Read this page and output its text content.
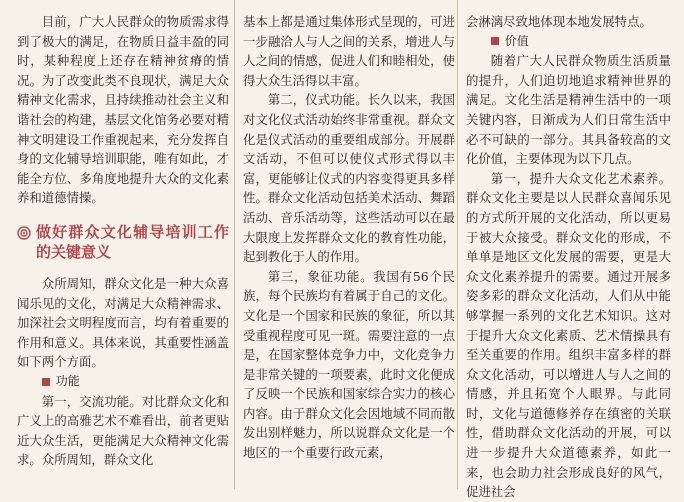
目前，广大人民群众的物质需求得到了极大的满足，在物质日益丰盈的同时，某种程度上还存在精神贫瘠的情况。为了改变此类不良现状，满足大众精神文化需求，且持续推动社会主义和谐社会的构建，基层文化馆务必要对精神文明建设工作重视起来，充分发挥自身的文化辅导培训职能，唯有如此，才能全方位、多角度地提升大众的文化素养和道德情操。

做好群众文化辅导培训工作的关键意义

众所周知，群众文化是一种大众喜闻乐见的文化，对满足大众精神需求、加深社会文明程度而言，均有着重要的作用和意义。具体来说，其重要性涵盖如下两个方面。

功能

第一，交流功能。对比群众文化和广义上的高雅艺术不难看出，前者更贴近大众生活，更能满足大众精神文化需求。众所周知，群众文化

基本上都是通过集体形式呈现的，可进一步融洽人与人之间的关系，增进人与人之间的情感，促进人们和睦相处，使得大众生活得以丰富。

第二，仪式功能。长久以来，我国对文化仪式活动始终非常重视。群众文化是仪式活动的重要组成部分。开展群文活动，不但可以使仪式形式得以丰富，更能够让仪式的内容变得更具多样性。群众文化活动包括美术活动、舞蹈活动、音乐活动等，这些活动可以在最大限度上发挥群众文化的教育性功能，起到教化于人的作用。

第三，象征功能。我国有56个民族，每个民族均有着属于自己的文化。文化是一个国家和民族的象征，所以其受重视程度可见一斑。需要注意的一点是，在国家整体竞争力中，文化竞争力是非常关键的一项要素，此时文化便成了反映一个民族和国家综合实力的核心内容。由于群众文化会因地域不同而散发出别样魅力，所以说群众文化是一个地区的一个重要行政元素，

会淋漓尽致地体现本地发展特点。

价值

随着广大人民群众物质生活质量的提升，人们迫切地追求精神世界的满足。文化生活是精神生活中的一项关键内容，日渐成为人们日常生活中必不可缺的一部分。其具备较高的文化价值，主要体现为以下几点。

第一，提升大众文化艺术素养。群众文化主要是以人民群众喜闻乐见的方式所开展的文化活动，所以更易于被大众接受。群众文化的形成，不单单是地区文化发展的需要，更是大众文化素养提升的需要。通过开展多姿多彩的群众文化活动，人们从中能够掌握一系列的文化艺术知识。这对于提升大众文化素质、艺术情操具有至关重要的作用。组织丰富多样的群众文化活动，可以增进人与人之间的情感，并且拓宽个人眼界。与此同时，文化与道德修养存在缜密的关联性，借助群众文化活动的开展，可以进一步提升大众道德素养，如此一来，也会助力社会形成良好的风气，促进社会
